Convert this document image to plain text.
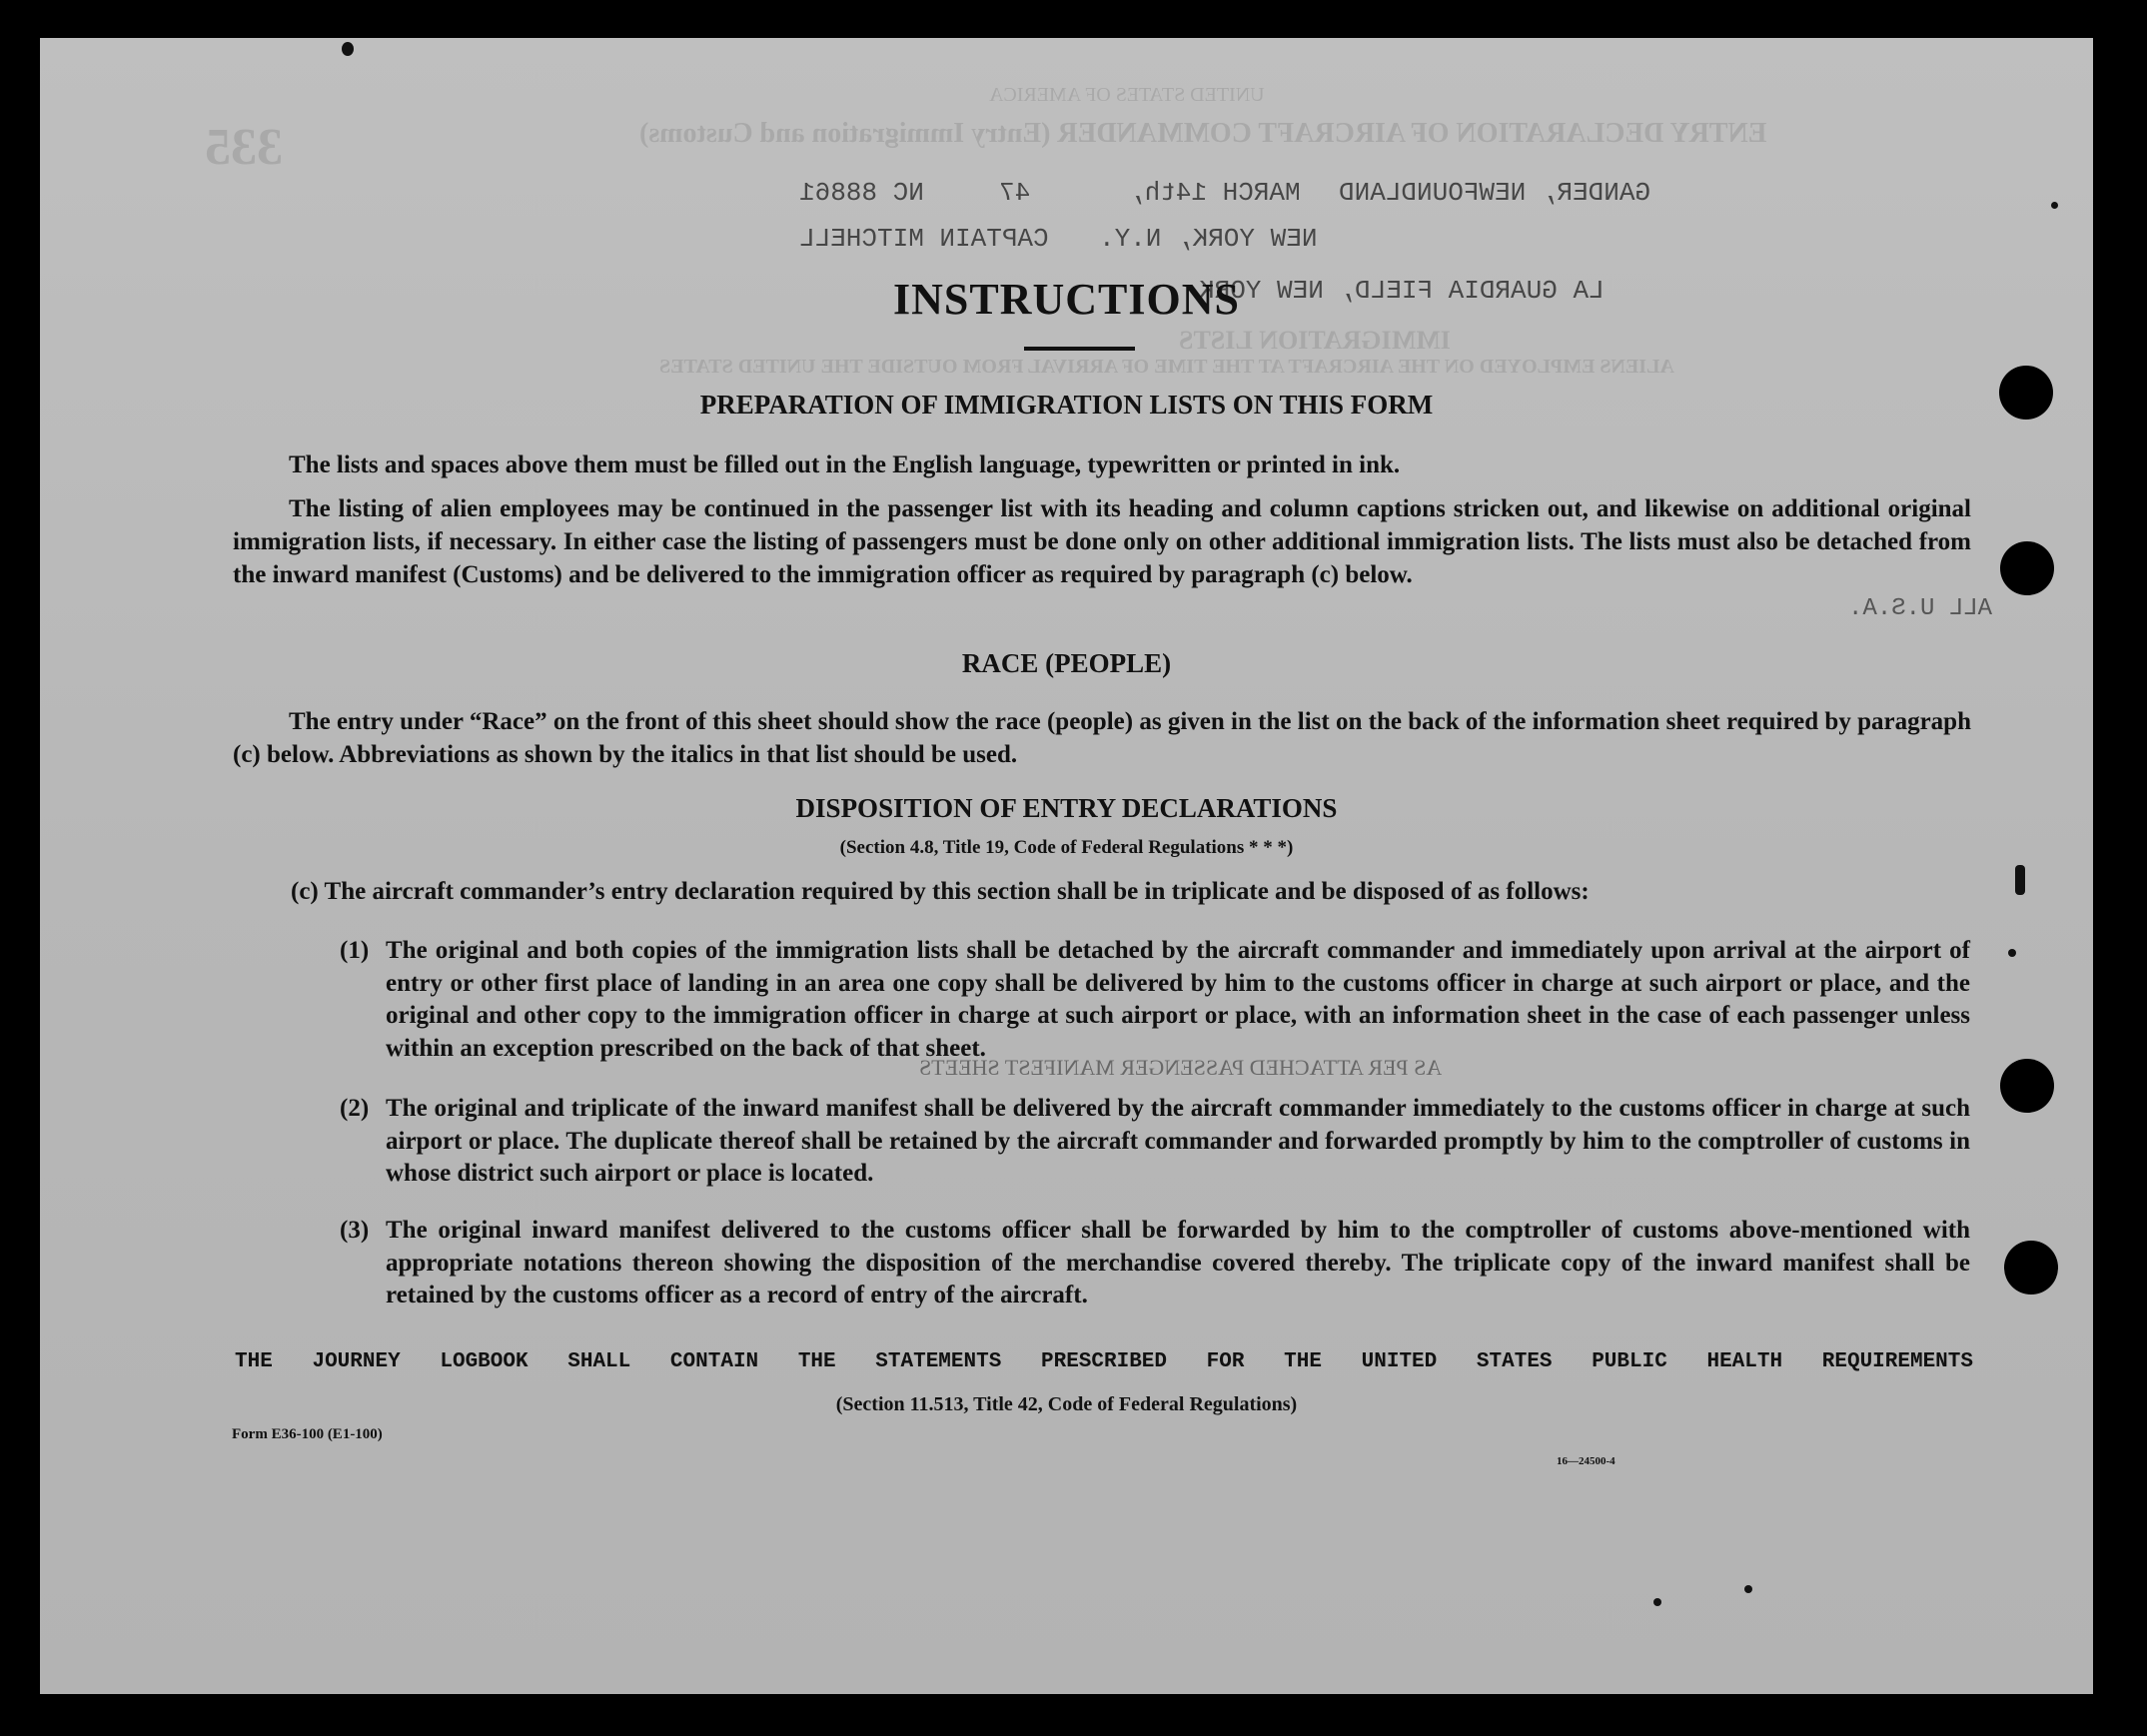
UNITED STATES OF AMERICA
ENTRY DECLARATION OF AIRCRAFT COMMANDER (Entry Immigration and Customs)
335
GANDER, NEWFOUNDLAND
MARCH 14th,
47
NC 88861
NEW YORK, N.Y.
CAPTAIN MITCHELL
LA GUARDIA FIELD, NEW YORK
IMMIGRATION LISTS
ALIENS EMPLOYED ON THE AIRCRAFT AT THE TIME OF ARRIVAL FROM OUTSIDE THE UNITED STATES
ALL U.S.A.
AS PER ATTACHED PASSENGER MANIFEST SHEETS
INSTRUCTIONS
PREPARATION OF IMMIGRATION LISTS ON THIS FORM
The lists and spaces above them must be filled out in the English language, typewritten or printed in ink.
The listing of alien employees may be continued in the passenger list with its heading and column captions stricken out, and likewise on additional original immigration lists, if necessary. In either case the listing of passengers must be done only on other additional immigration lists. The lists must also be detached from the inward manifest (Customs) and be delivered to the immigration officer as required by paragraph (c) below.
RACE (PEOPLE)
The entry under “Race” on the front of this sheet should show the race (people) as given in the list on the back of the information sheet required by paragraph (c) below. Abbreviations as shown by the italics in that list should be used.
DISPOSITION OF ENTRY DECLARATIONS
(Section 4.8, Title 19, Code of Federal Regulations * * *)
(c) The aircraft commander’s entry declaration required by this section shall be in triplicate and be disposed of as follows:
(1) The original and both copies of the immigration lists shall be detached by the aircraft commander and immediately upon arrival at the airport of entry or other first place of landing in an area one copy shall be delivered by him to the customs officer in charge at such airport or place, and the original and other copy to the immigration officer in charge at such airport or place, with an information sheet in the case of each passenger unless within an exception prescribed on the back of that sheet.
(2) The original and triplicate of the inward manifest shall be delivered by the aircraft commander immediately to the customs officer in charge at such airport or place. The duplicate thereof shall be retained by the aircraft commander and forwarded promptly by him to the comptroller of customs in whose district such airport or place is located.
(3) The original inward manifest delivered to the customs officer shall be forwarded by him to the comptroller of customs above-mentioned with appropriate notations thereon showing the disposition of the merchandise covered thereby. The triplicate copy of the inward manifest shall be retained by the customs officer as a record of entry of the aircraft.
THE JOURNEY LOGBOOK SHALL CONTAIN THE STATEMENTS PRESCRIBED FOR THE UNITED STATES PUBLIC HEALTH REQUIREMENTS
(Section 11.513, Title 42, Code of Federal Regulations)
Form E36-100 (E1-100)
16—24500-4
